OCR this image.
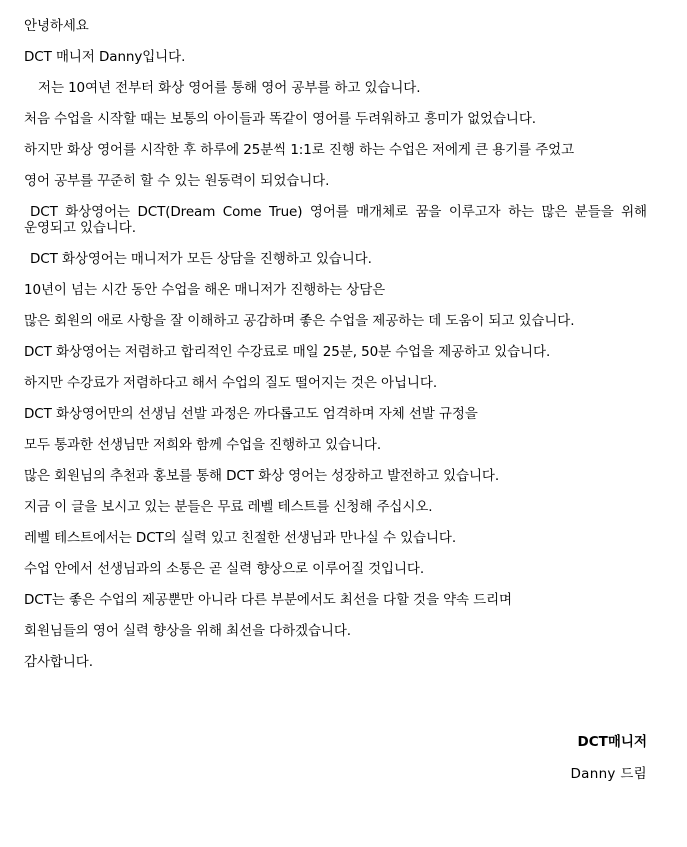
안녕하세요

DCT 매니저 Danny입니다.

저는 10여년 전부터 화상 영어를 통해 영어 공부를 하고 있습니다.

처음 수업을 시작할 때는 보통의 아이들과 똑같이 영어를 두려워하고 흥미가 없었습니다.

하지만 화상 영어를 시작한 후 하루에 25분씩 1:1로 진행 하는 수업은 저에게 큰 용기를 주었고

영어 공부를 꾸준히 할 수 있는 원동력이 되었습니다.

DCT 화상영어는 DCT(Dream Come True) 영어를 매개체로 꿈을 이루고자 하는 많은 분들을 위해 운영되고 있습니다.

DCT 화상영어는 매니저가 모든 상담을 진행하고 있습니다.

10년이 넘는 시간 동안 수업을 해온 매니저가 진행하는 상담은

많은 회원의 애로 사항을 잘 이해하고 공감하며 좋은 수업을 제공하는 데 도움이 되고 있습니다.

DCT 화상영어는 저렴하고 합리적인 수강료로 매일 25분, 50분 수업을 제공하고 있습니다.

하지만 수강료가 저렴하다고 해서 수업의 질도 떨어지는 것은 아닙니다.

DCT 화상영어만의 선생님 선발 과정은 까다롭고도 엄격하며 자체 선발 규정을

모두 통과한 선생님만 저희와 함께 수업을 진행하고 있습니다.

많은 회원님의 추천과 홍보를 통해 DCT 화상 영어는 성장하고 발전하고 있습니다.

지금 이 글을 보시고 있는 분들은 무료 레벨 테스트를 신청해 주십시오.

레벨 테스트에서는 DCT의 실력 있고 친절한 선생님과 만나실 수 있습니다.

수업 안에서 선생님과의 소통은 곧 실력 향상으로 이루어질 것입니다.

DCT는 좋은 수업의 제공뿐만 아니라 다른 부분에서도 최선을 다할 것을 약속 드리며

회원님들의 영어 실력 향상을 위해 최선을 다하겠습니다.

감사합니다.

DCT매니저
Danny 드림
